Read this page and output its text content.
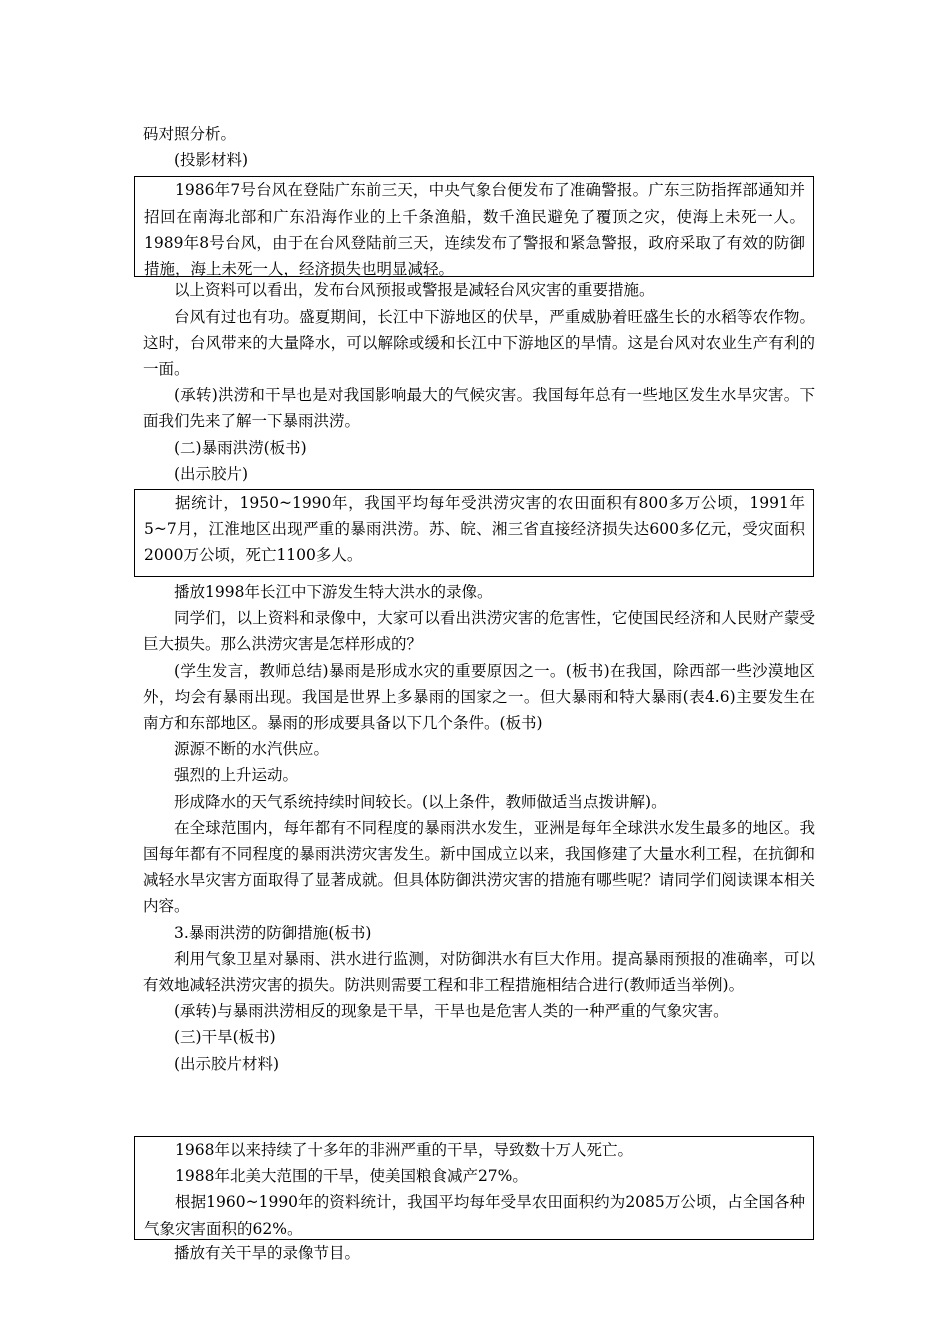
码对照分析。

(投影材料)

1986年7号台风在登陆广东前三天，中央气象台便发布了准确警报。广东三防指挥部通知并招回在南海北部和广东沿海作业的上千条渔船，数千渔民避免了覆顶之灾，使海上未死一人。1989年8号台风，由于在台风登陆前三天，连续发布了警报和紧急警报，政府采取了有效的防御措施，海上未死一人，经济损失也明显减轻。

以上资料可以看出，发布台风预报或警报是减轻台风灾害的重要措施。

台风有过也有功。盛夏期间，长江中下游地区的伏旱，严重威胁着旺盛生长的水稻等农作物。这时，台风带来的大量降水，可以解除或缓和长江中下游地区的旱情。这是台风对农业生产有利的一面。

(承转)洪涝和干旱也是对我国影响最大的气候灾害。我国每年总有一些地区发生水旱灾害。下面我们先来了解一下暴雨洪涝。

(二)暴雨洪涝(板书)

(出示胶片)

据统计，1950~1990年，我国平均每年受洪涝灾害的农田面积有800多万公顷，1991年5~7月，江淮地区出现严重的暴雨洪涝。苏、皖、湘三省直接经济损失达600多亿元，受灾面积2000万公顷，死亡1100多人。

播放1998年长江中下游发生特大洪水的录像。

同学们，以上资料和录像中，大家可以看出洪涝灾害的危害性，它使国民经济和人民财产蒙受巨大损失。那么洪涝灾害是怎样形成的？

(学生发言，教师总结)暴雨是形成水灾的重要原因之一。(板书)在我国，除西部一些沙漠地区外，均会有暴雨出现。我国是世界上多暴雨的国家之一。但大暴雨和特大暴雨(表4.6)主要发生在南方和东部地区。暴雨的形成要具备以下几个条件。(板书)

源源不断的水汽供应。

强烈的上升运动。

形成降水的天气系统持续时间较长。(以上条件，教师做适当点拨讲解)。

在全球范围内，每年都有不同程度的暴雨洪水发生，亚洲是每年全球洪水发生最多的地区。我国每年都有不同程度的暴雨洪涝灾害发生。新中国成立以来，我国修建了大量水利工程，在抗御和减轻水旱灾害方面取得了显著成就。但具体防御洪涝灾害的措施有哪些呢？请同学们阅读课本相关内容。

3.暴雨洪涝的防御措施(板书)

利用气象卫星对暴雨、洪水进行监测，对防御洪水有巨大作用。提高暴雨预报的准确率，可以有效地减轻洪涝灾害的损失。防洪则需要工程和非工程措施相结合进行(教师适当举例)。

(承转)与暴雨洪涝相反的现象是干旱，干旱也是危害人类的一种严重的气象灾害。

(三)干旱(板书)

(出示胶片材料)

1968年以来持续了十多年的非洲严重的干旱，导致数十万人死亡。

1988年北美大范围的干旱，使美国粮食减产27%。

根据1960~1990年的资料统计，我国平均每年受旱农田面积约为2085万公顷，占全国各种气象灾害面积的62%。

播放有关干旱的录像节目。
